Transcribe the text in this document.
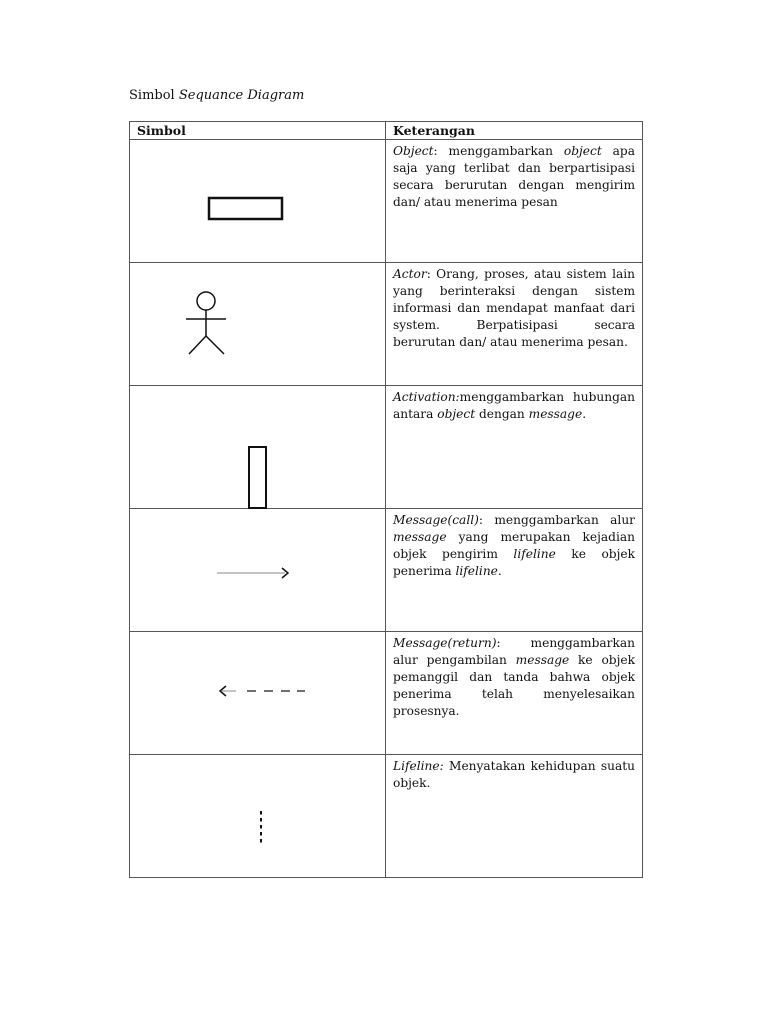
Simbol Sequance Diagram
Simbol	Keterangan

	Object: menggambarkan object apa saja yang terlibat dan berpartisipasi secara berurutan dengan mengirim dan/ atau menerima pesan

	Actor: Orang, proses, atau sistem lain yang berinteraksi dengan sistem informasi dan mendapat manfaat dari system. Berpatisipasi secara berurutan dan/ atau menerima pesan.
	Activation:menggambarkan hubungan antara object dengan message.

	Message(call): menggambarkan alur message yang merupakan kejadian objek pengirim lifeline ke objek penerima lifeline.

	Message(return): menggambarkan alur pengambilan message ke objek pemanggil dan tanda bahwa objek penerima telah menyelesaikan prosesnya.

	Lifeline: Menyatakan kehidupan suatu objek.
